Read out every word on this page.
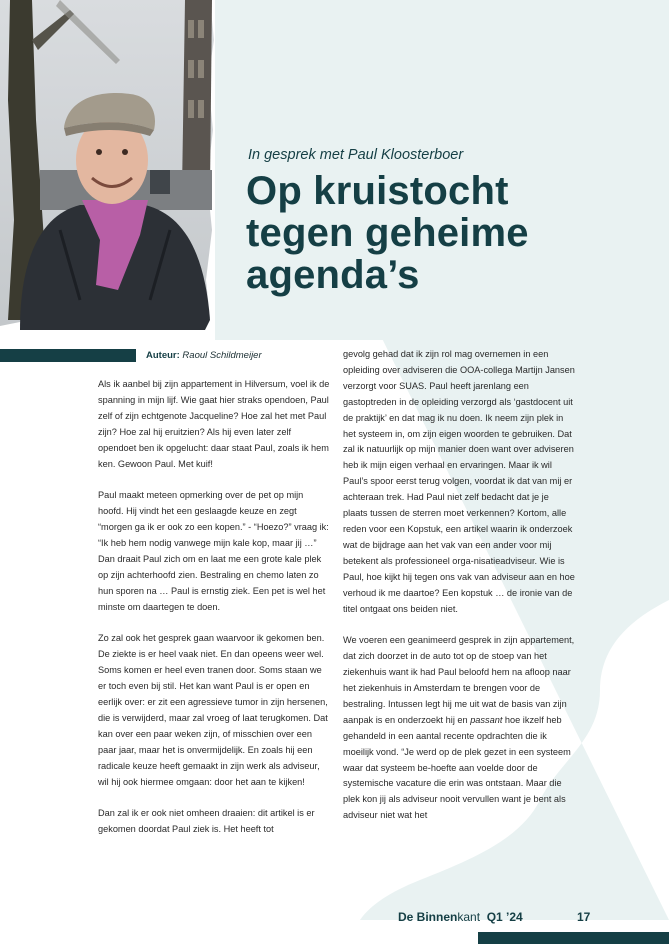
In gesprek met Paul Kloosterboer
Op kruistocht
tegen geheime
agenda’s
Auteur: Raoul Schildmeijer

Als ik aanbel bij zijn appartement in Hilversum, voel ik de spanning in mijn lijf. Wie gaat hier straks opendoen, Paul zelf of zijn echtgenote Jacqueline? Hoe zal het met Paul zijn? Hoe zal hij eruitzien? Als hij even later zelf opendoet ben ik opgelucht: daar staat Paul, zoals ik hem ken. Gewoon Paul. Met kuif!

Paul maakt meteen opmerking over de pet op mijn hoofd. Hij vindt het een geslaagde keuze en zegt “morgen ga ik er ook zo een kopen.” - “Hoezo?” vraag ik: “Ik heb hem nodig vanwege mijn kale kop, maar jij …” Dan draait Paul zich om en laat me een grote kale plek op zijn achterhoofd zien. Bestraling en chemo laten zo hun sporen na … Paul is ernstig ziek. Een pet is wel het minste om daartegen te doen.

Zo zal ook het gesprek gaan waarvoor ik gekomen ben. De ziekte is er heel vaak niet. En dan opeens weer wel. Soms komen er heel even tranen door. Soms staan we er toch even bij stil. Het kan want Paul is er open en eerlijk over: er zit een agressieve tumor in zijn hersenen, die is verwijderd, maar zal vroeg of laat terugkomen. Dat kan over een paar weken zijn, of misschien over een paar jaar, maar het is onvermijdelijk. En zoals hij een radicale keuze heeft gemaakt in zijn werk als adviseur, wil hij ook hiermee omgaan: door het aan te kijken!

Dan zal ik er ook niet omheen draaien: dit artikel is er gekomen doordat Paul ziek is. Het heeft tot

gevolg gehad dat ik zijn rol mag overnemen in een opleiding over adviseren die OOA-collega Martijn Jansen verzorgt voor SUAS. Paul heeft jarenlang een gastoptreden in de opleiding verzorgd als ‘gastdocent uit de praktijk’ en dat mag ik nu doen. Ik neem zijn plek in het systeem in, om zijn eigen woorden te gebruiken. Dat zal ik natuurlijk op mijn manier doen want over adviseren heb ik mijn eigen verhaal en ervaringen. Maar ik wil Paul’s spoor eerst terug volgen, voordat ik dat van mij er achteraan trek. Had Paul niet zelf bedacht dat je je plaats tussen de sterren moet verkennen? Kortom, alle reden voor een Kopstuk, een artikel waarin ik onderzoek wat de bijdrage aan het vak van een ander voor mij betekent als professioneel orga-nisatieadviseur. Wie is Paul, hoe kijkt hij tegen ons vak van adviseur aan en hoe verhoud ik me daartoe? Een kopstuk … de ironie van de titel ontgaat ons beiden niet.

We voeren een geanimeerd gesprek in zijn appartement, dat zich doorzet in de auto tot op de stoep van het ziekenhuis want ik had Paul beloofd hem na afloop naar het ziekenhuis in Amsterdam te brengen voor de bestraling. Intussen legt hij me uit wat de basis van zijn aanpak is en onderzoekt hij en passant hoe ikzelf heb gehandeld in een aantal recente opdrachten die ik moeilijk vond. “Je werd op de plek gezet in een systeem waar dat systeem be-hoefte aan voelde door de systemische vacature die erin was ontstaan. Maar die plek kon jij als adviseur nooit vervullen want je bent als adviseur niet wat het

De Binnenkant Q1 ’24	17
